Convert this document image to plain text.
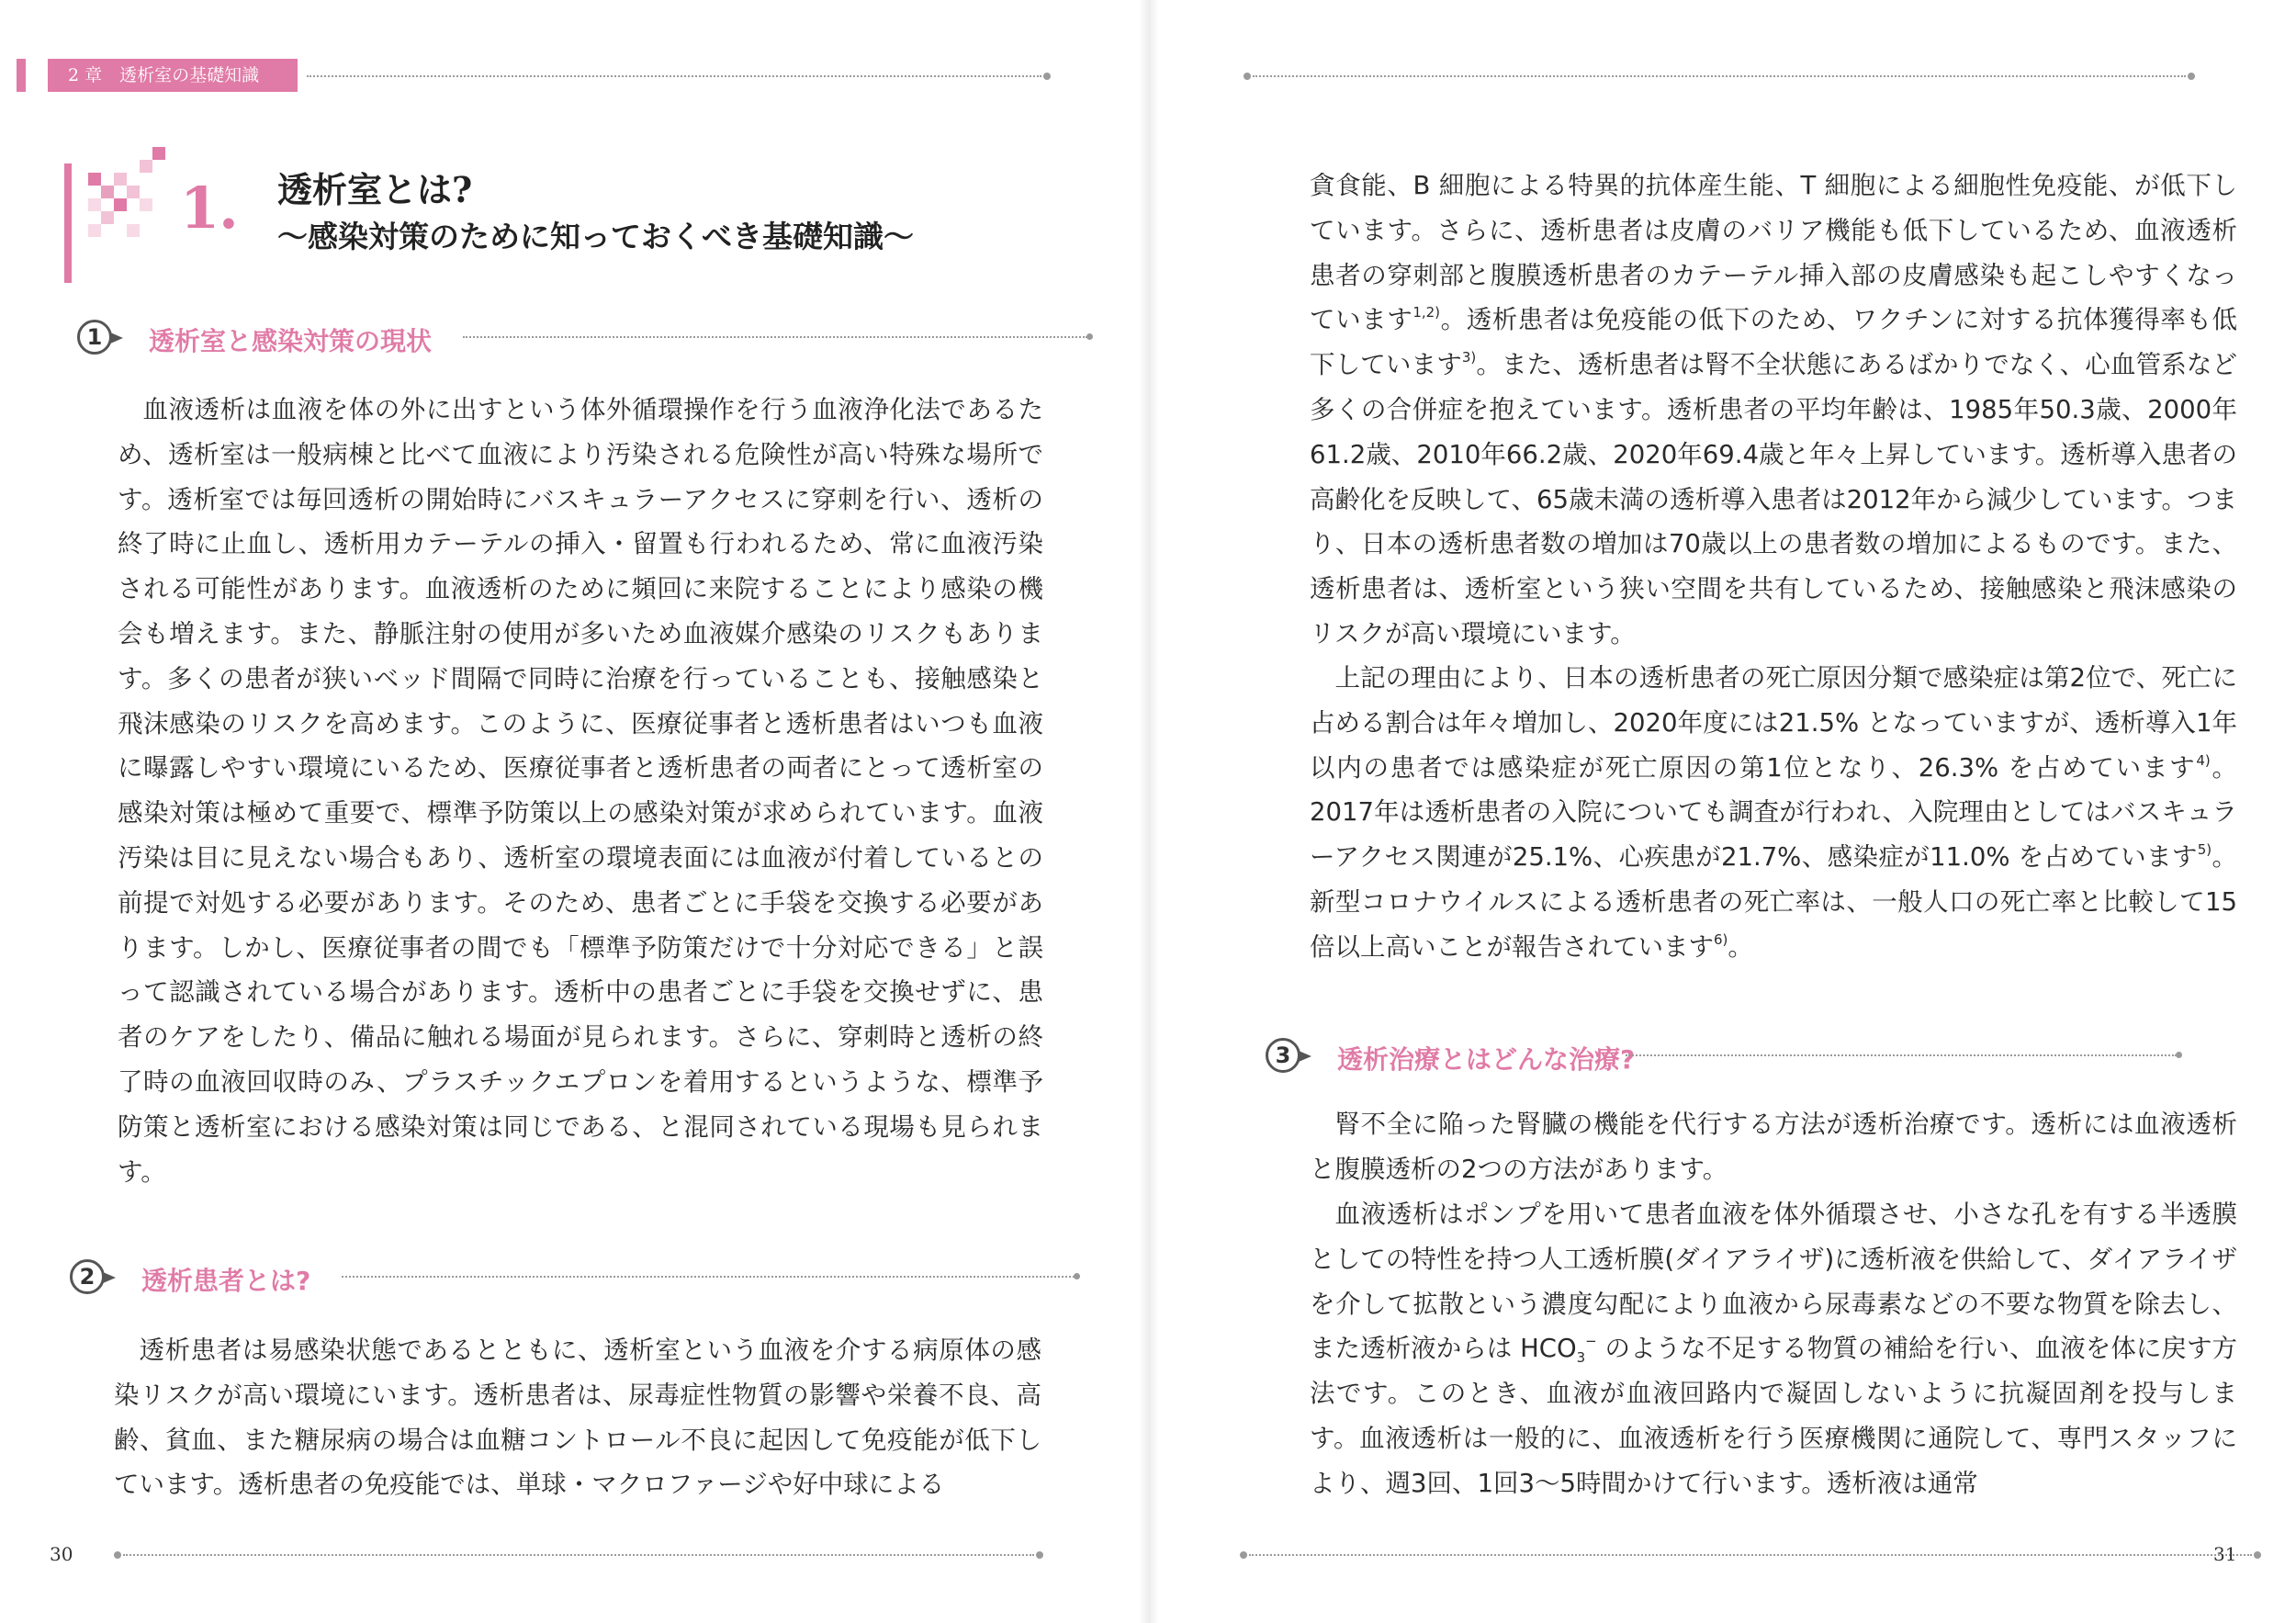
2 章　透析室の基礎知識
1. 透析室とは?
〜感染対策のために知っておくべき基礎知識〜
1	透析室と感染対策の現状
血液透析は血液を体の外に出すという体外循環操作を行う血液浄化法であるため、透析室は一般病棟と比べて血液により汚染される危険性が高い特殊な場所です。透析室では毎回透析の開始時にバスキュラーアクセスに穿刺を行い、透析の終了時に止血し、透析用カテーテルの挿入・留置も行われるため、常に血液汚染される可能性があります。血液透析のために頻回に来院することにより感染の機会も増えます。また、静脈注射の使用が多いため血液媒介感染のリスクもあります。多くの患者が狭いベッド間隔で同時に治療を行っていることも、接触感染と飛沫感染のリスクを高めます。このように、医療従事者と透析患者はいつも血液に曝露しやすい環境にいるため、医療従事者と透析患者の両者にとって透析室の感染対策は極めて重要で、標準予防策以上の感染対策が求められています。血液汚染は目に見えない場合もあり、透析室の環境表面には血液が付着しているとの前提で対処する必要があります。そのため、患者ごとに手袋を交換する必要があります。しかし、医療従事者の間でも「標準予防策だけで十分対応できる」と誤って認識されている場合があります。透析中の患者ごとに手袋を交換せずに、患者のケアをしたり、備品に触れる場面が見られます。さらに、穿刺時と透析の終了時の血液回収時のみ、プラスチックエプロンを着用するというような、標準予防策と透析室における感染対策は同じである、と混同されている現場も見られます。
2	透析患者とは?
透析患者は易感染状態であるとともに、透析室という血液を介する病原体の感染リスクが高い環境にいます。透析患者は、尿毒症性物質の影響や栄養不良、高齢、貧血、また糖尿病の場合は血糖コントロール不良に起因して免疫能が低下しています。透析患者の免疫能では、単球・マクロファージや好中球による
30
貪食能、B 細胞による特異的抗体産生能、T 細胞による細胞性免疫能、が低下しています。さらに、透析患者は皮膚のバリア機能も低下しているため、血液透析患者の穿刺部と腹膜透析患者のカテーテル挿入部の皮膚感染も起こしやすくなっています$^{1,2)}$。透析患者は免疫能の低下のため、ワクチンに対する抗体獲得率も低下しています$^{3)}$。また、透析患者は腎不全状態にあるばかりでなく、心血管系など多くの合併症を抱えています。透析患者の平均年齢は、1985年50.3歳、2000年61.2歳、2010年66.2歳、2020年69.4歳と年々上昇しています。透析導入患者の高齢化を反映して、65歳未満の透析導入患者は2012年から減少しています。つまり、日本の透析患者数の増加は70歳以上の患者数の増加によるものです。また、透析患者は、透析室という狭い空間を共有しているため、接触感染と飛沫感染のリスクが高い環境にいます。
上記の理由により、日本の透析患者の死亡原因分類で感染症は第2位で、死亡に占める割合は年々増加し、2020年度には21.5% となっていますが、透析導入1年以内の患者では感染症が死亡原因の第1位となり、26.3% を占めています$^{4)}$。2017年は透析患者の入院についても調査が行われ、入院理由としてはバスキュラーアクセス関連が25.1%、心疾患が21.7%、感染症が11.0% を占めています$^{5)}$。新型コロナウイルスによる透析患者の死亡率は、一般人口の死亡率と比較して15倍以上高いことが報告されています$^{6)}$。
3	透析治療とはどんな治療?
腎不全に陥った腎臓の機能を代行する方法が透析治療です。透析には血液透析と腹膜透析の2つの方法があります。
血液透析はポンプを用いて患者血液を体外循環させ、小さな孔を有する半透膜としての特性を持つ人工透析膜(ダイアライザ)に透析液を供給して、ダイアライザを介して拡散という濃度勾配により血液から尿毒素などの不要な物質を除去し、また透析液からは $HCO_3^-$ のような不足する物質の補給を行い、血液を体に戻す方法です。このとき、血液が血液回路内で凝固しないように抗凝固剤を投与します。血液透析は一般的に、血液透析を行う医療機関に通院して、専門スタッフにより、週3回、1回3〜5時間かけて行います。透析液は通常
31
